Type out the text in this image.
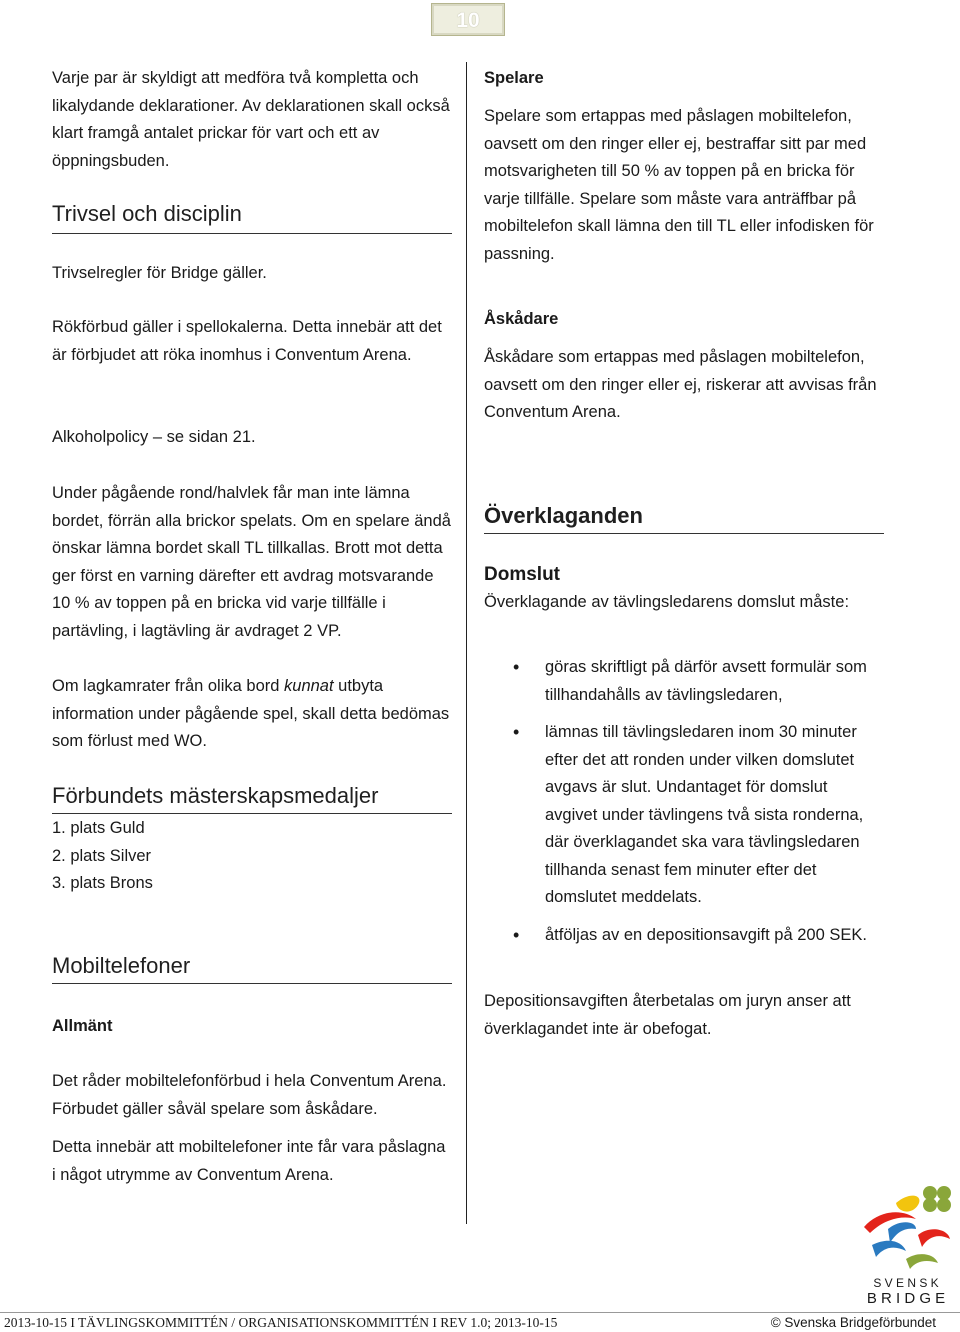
10

Varje par är skyldigt att medföra två kompletta och likalydande deklarationer. Av deklarationen skall också klart framgå antalet prickar för vart och ett av öppningsbuden.

Trivsel och disciplin

Trivselregler för Bridge gäller.

Rökförbud gäller i spellokalerna. Detta innebär att det är förbjudet att röka inomhus i Conventum Arena.

Alkoholpolicy – se sidan 21.

Under pågående rond/halvlek får man inte lämna bordet, förrän alla brickor spelats. Om en spelare ändå önskar lämna bordet skall TL tillkallas. Brott mot detta ger först en varning därefter ett avdrag motsvarande 10 % av toppen på en bricka vid varje tillfälle i partävling, i lagtävling är avdraget 2 VP.

Om lagkamrater från olika bord kunnat utbyta information under pågående spel, skall detta bedömas som förlust med WO.

Förbundets mästerskapsmedaljer

1. plats Guld

2. plats Silver

3. plats Brons

Mobiltelefoner

Allmänt

Det råder mobiltelefonförbud i hela Conventum Arena. Förbudet gäller såväl spelare som åskådare.

Detta innebär att mobiltelefoner inte får vara påslagna i något utrymme av Conventum Arena.

Spelare

Spelare som ertappas med påslagen mobiltelefon, oavsett om den ringer eller ej, bestraffar sitt par med motsvarigheten till 50 % av toppen på en bricka för varje tillfälle. Spelare som måste vara anträffbar på mobiltelefon skall lämna den till TL eller infodisken för passning.

Åskådare

Åskådare som ertappas med påslagen mobiltelefon, oavsett om den ringer eller ej, riskerar att avvisas från Conventum Arena.

Överklaganden

Domslut

Överklagande av tävlingsledarens domslut måste:

• göras skriftligt på därför avsett formulär som tillhandahålls av tävlingsledaren,
• lämnas till tävlingsledaren inom 30 minuter efter det att ronden under vilken domslutet avgavs är slut. Undantaget för domslut avgivet under tävlingens två sista ronderna, där överklagandet ska vara tävlingsledaren tillhanda senast fem minuter efter det domslutet meddelats.
• åtföljas av en depositionsavgift på 200 SEK.

Depositionsavgiften återbetalas om juryn anser att överklagandet inte är obefogat.

S V E N S K
B R I D G E
2013-10-15 I TÄVLINGSKOMMITTÉN / ORGANISATIONSKOMMITTÉN I REV 1.0; 2013-10-15	© Svenska Bridgeförbundet
